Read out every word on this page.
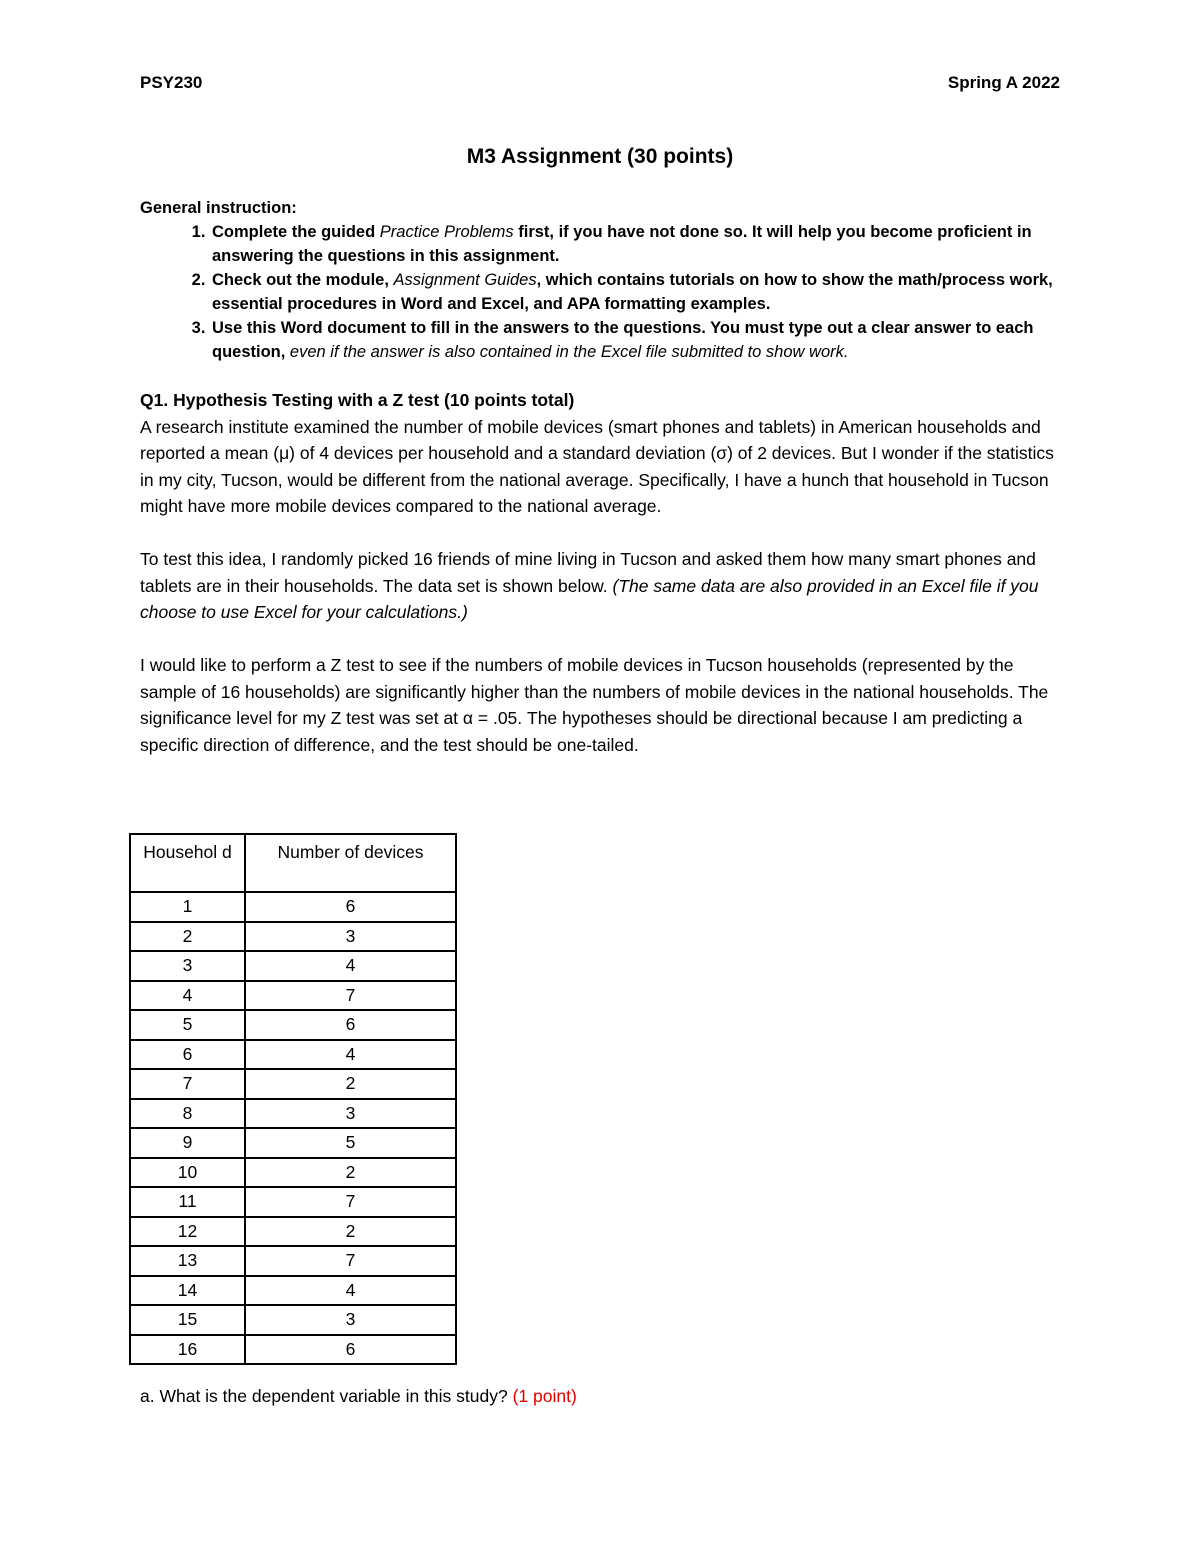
PSY230	Spring A 2022
M3 Assignment (30 points)
General instruction:
1. Complete the guided Practice Problems first, if you have not done so. It will help you become proficient in answering the questions in this assignment.
2. Check out the module, Assignment Guides, which contains tutorials on how to show the math/process work, essential procedures in Word and Excel, and APA formatting examples.
3. Use this Word document to fill in the answers to the questions. You must type out a clear answer to each question, even if the answer is also contained in the Excel file submitted to show work.

Q1. Hypothesis Testing with a Z test (10 points total)

A research institute examined the number of mobile devices (smart phones and tablets) in American households and reported a mean (μ) of 4 devices per household and a standard deviation (σ) of 2 devices. But I wonder if the statistics in my city, Tucson, would be different from the national average. Specifically, I have a hunch that household in Tucson might have more mobile devices compared to the national average.

To test this idea, I randomly picked 16 friends of mine living in Tucson and asked them how many smart phones and tablets are in their households. The data set is shown below. (The same data are also provided in an Excel file if you choose to use Excel for your calculations.)

I would like to perform a Z test to see if the numbers of mobile devices in Tucson households (represented by the sample of 16 households) are significantly higher than the numbers of mobile devices in the national households. The significance level for my Z test was set at α = .05. The hypotheses should be directional because I am predicting a specific direction of difference, and the test should be one-tailed.

Househol d	Number of devices
1	6
2	3
3	4
4	7
5	6
6	4
7	2
8	3
9	5
10	2
11	7
12	2
13	7
14	4
15	3
16	6
a. What is the dependent variable in this study? (1 point)
